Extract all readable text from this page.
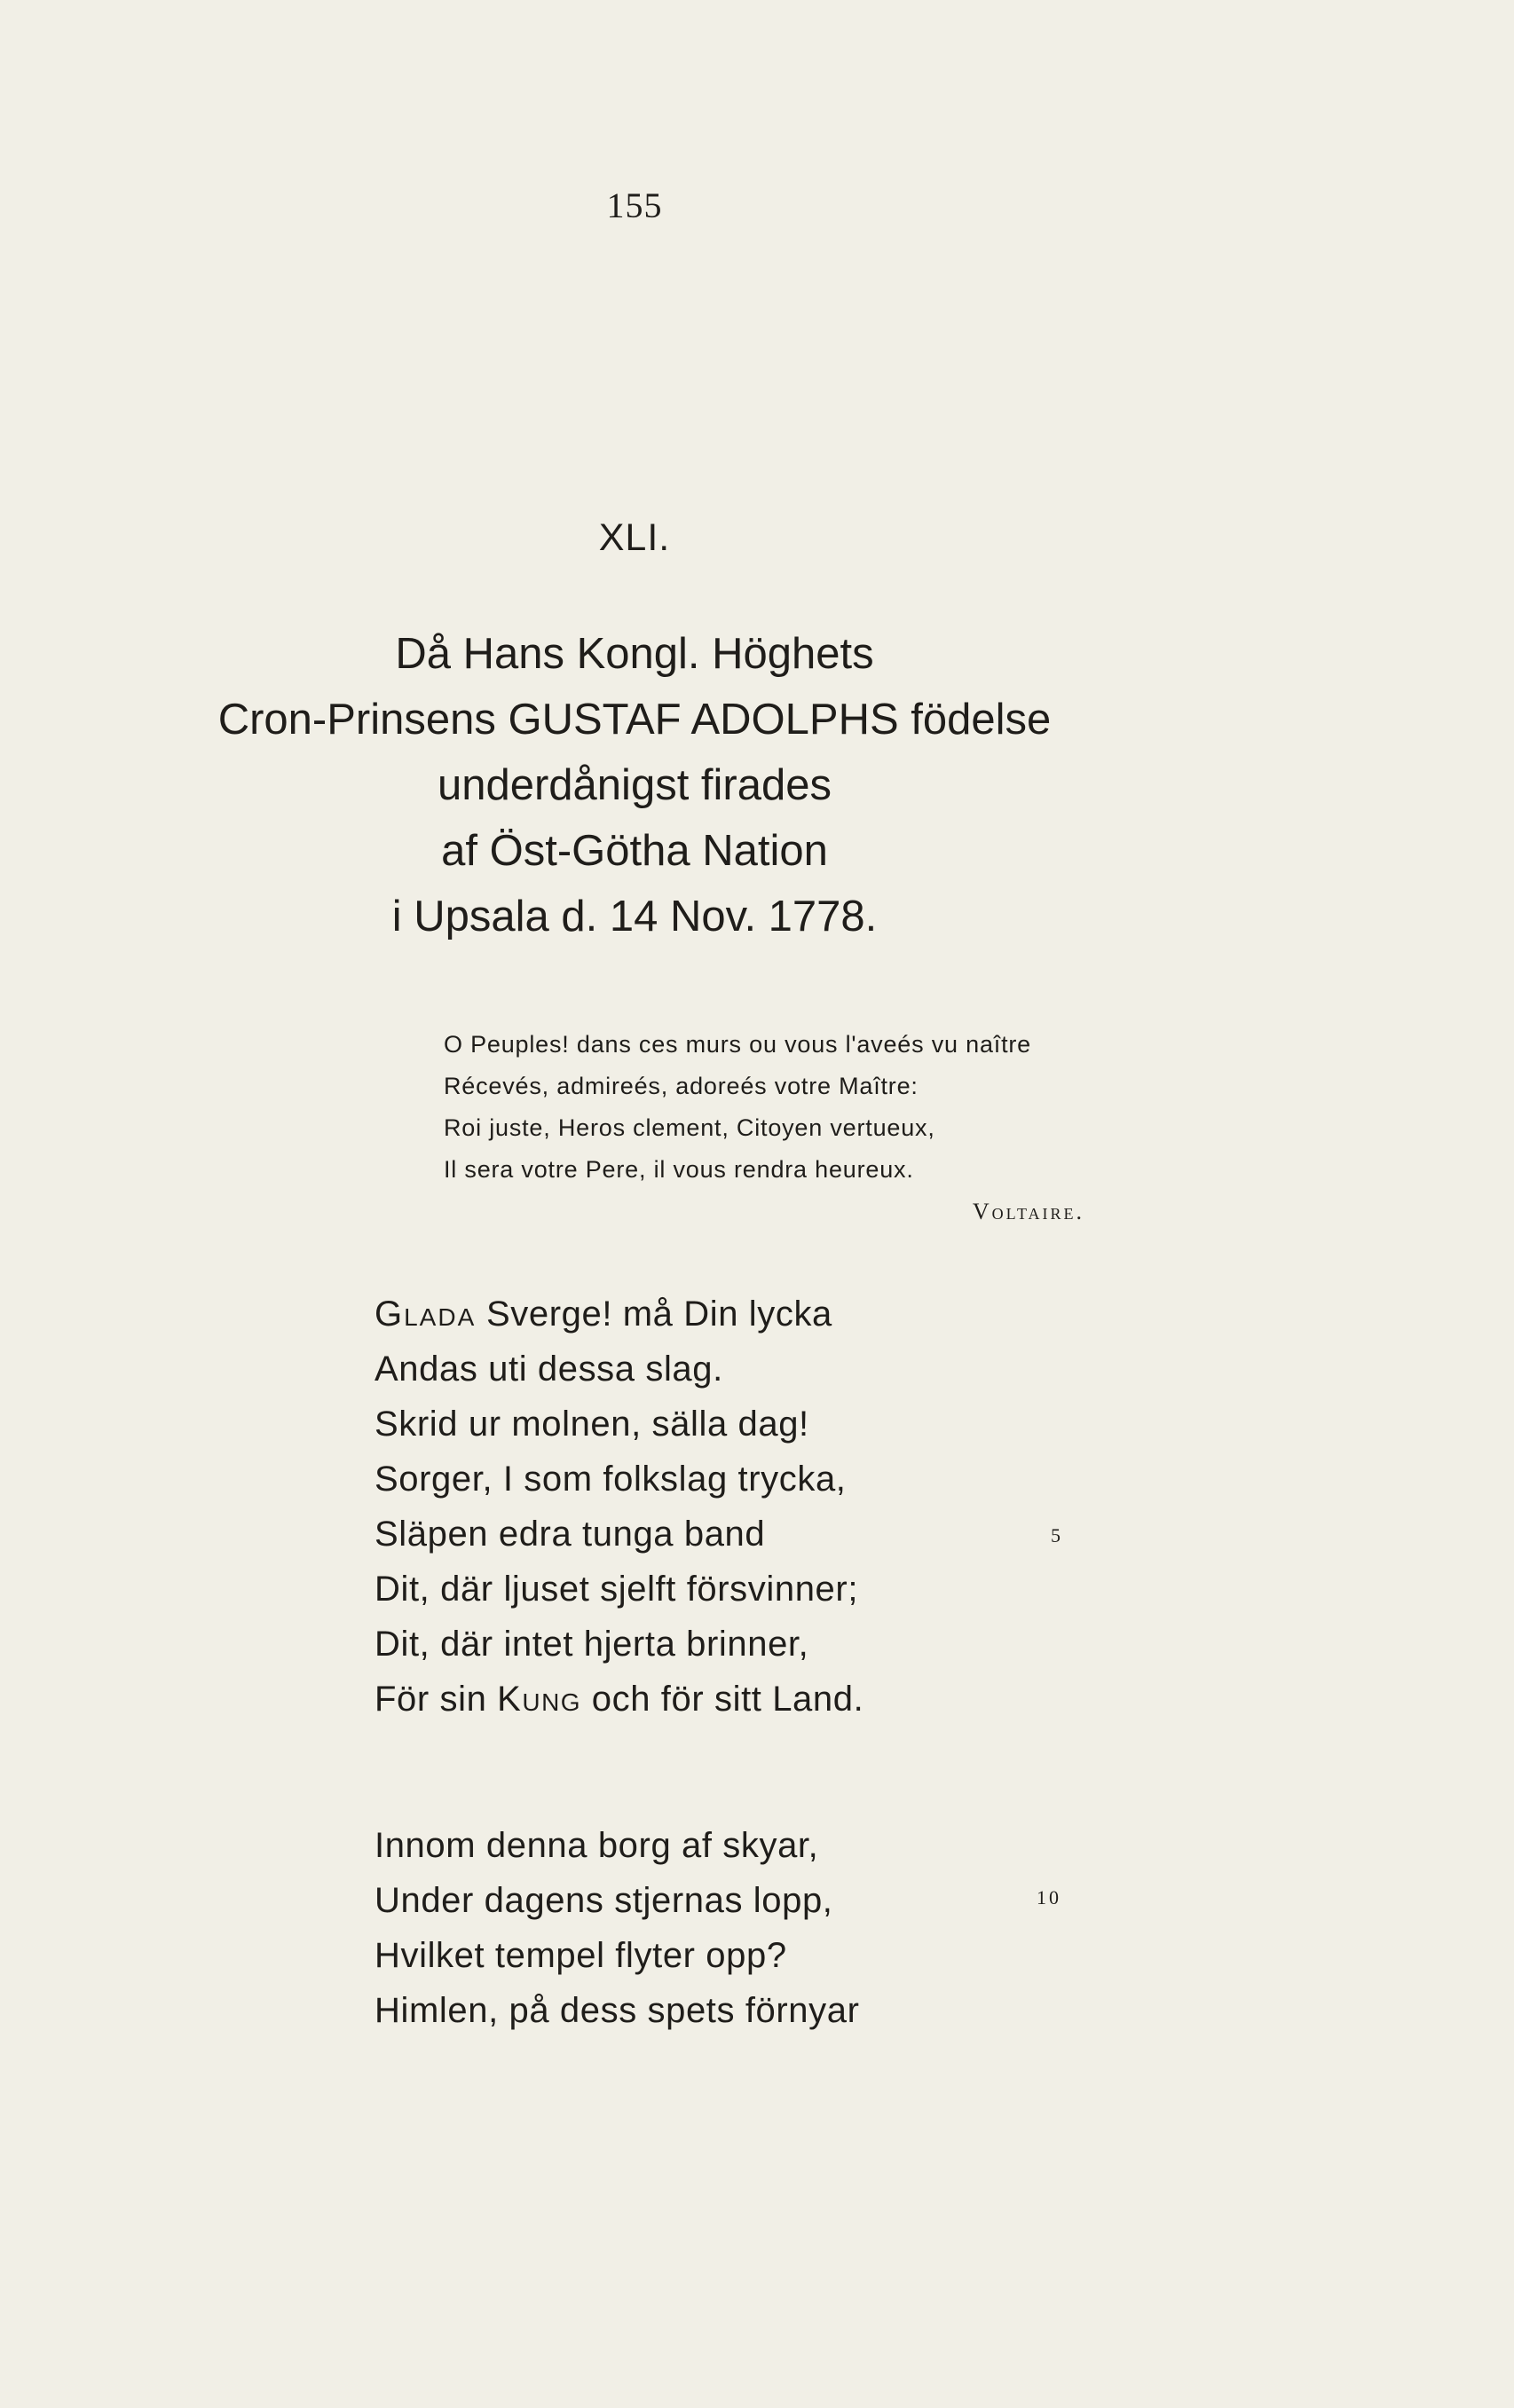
155
XLI.
Då Hans Kongl. Höghets
Cron-Prinsens GUSTAF ADOLPHS födelse
underdånigst firades
af Öst-Götha Nation
i Upsala d. 14 Nov. 1778.
O Peuples! dans ces murs ou vous l'aveés vu naître
Récevés, admireés, adoreés votre Maître:
Roi juste, Heros clement, Citoyen vertueux,
Il sera votre Pere, il vous rendra heureux.
Voltaire.
Glada Sverge! må Din lycka
Andas uti dessa slag.
Skrid ur molnen, sälla dag!
Sorger, I som folkslag trycka,
Släpen edra tunga band
Dit, där ljuset sjelft försvinner;
Dit, där intet hjerta brinner,
För sin Kung och för sitt Land.
5
Innom denna borg af skyar,
Under dagens stjernas lopp,
Hvilket tempel flyter opp?
Himlen, på dess spets förnyar
10
